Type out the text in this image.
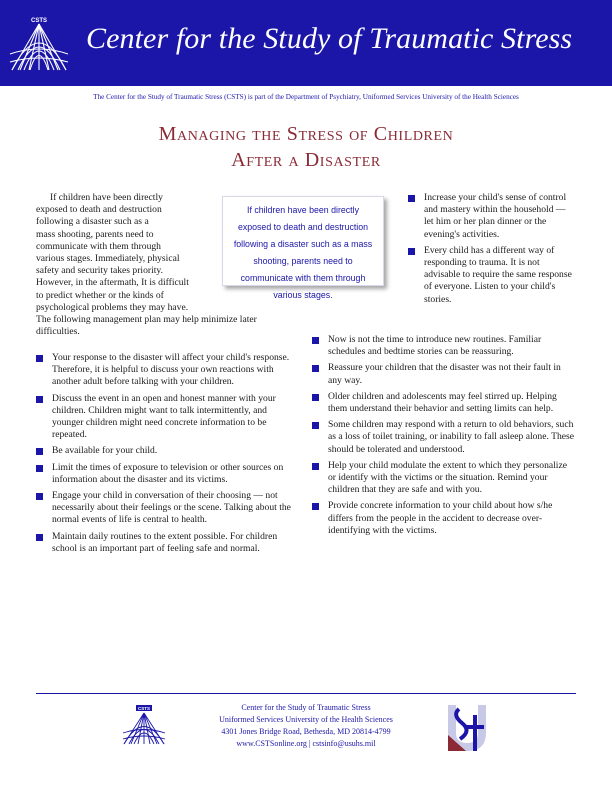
CSTS
Center for the Study of Traumatic Stress
The Center for the Study of Traumatic Stress (CSTS) is part of the Department of Psychiatry, Uniformed Services University of the Health Sciences
Managing the Stress of Children
After a Disaster

If children have been directly

exposed to death and destruction

following a disaster such as a

mass shooting, parents need to

communicate with them through

various stages. Immediately, physical

safety and security takes priority.

However, in the aftermath, It is difficult

to predict whether or the kinds of

psychological problems they may have.

The following management plan may help minimize later difficulties.

If children have been directly exposed to death and destruction following a disaster such as a mass shooting, parents need to communicate with them through various stages.

Your response to the disaster will affect your child's response. Therefore, it is helpful to discuss your own reactions with another adult before talking with your children.
Discuss the event in an open and honest manner with your children. Children might want to talk intermittently, and younger children might need concrete information to be repeated.
Be available for your child.
Limit the times of exposure to television or other sources on information about the disaster and its victims.
Engage your child in conversation of their choosing — not necessarily about their feelings or the scene. Talking about the normal events of life is central to health.
Maintain daily routines to the extent possible. For children school is an important part of feeling safe and normal.
Increase your child's sense of control and mastery within the household — let him or her plan dinner or the evening's activities.
Every child has a different way of responding to trauma. It is not advisable to require the same response of everyone. Listen to your child's stories.
Now is not the time to introduce new routines. Familiar schedules and bedtime stories can be reassuring.
Reassure your children that the disaster was not their fault in any way.
Older children and adolescents may feel stirred up. Helping them understand their behavior and setting limits can help.
Some children may respond with a return to old behaviors, such as a loss of toilet training, or inability to fall asleep alone. These should be tolerated and understood.
Help your child modulate the extent to which they personalize or identify with the victims or the situation. Remind your children that they are safe and with you.
Provide concrete information to your child about how s/he differs from the people in the accident to decrease over-identifying with the victims.
CSTS	Center for the Study of Traumatic Stress
Uniformed Services University of the Health Sciences
4301 Jones Bridge Road, Bethesda, MD 20814-4799
www.CSTSonline.org | cstsinfo@usuhs.mil
USU
